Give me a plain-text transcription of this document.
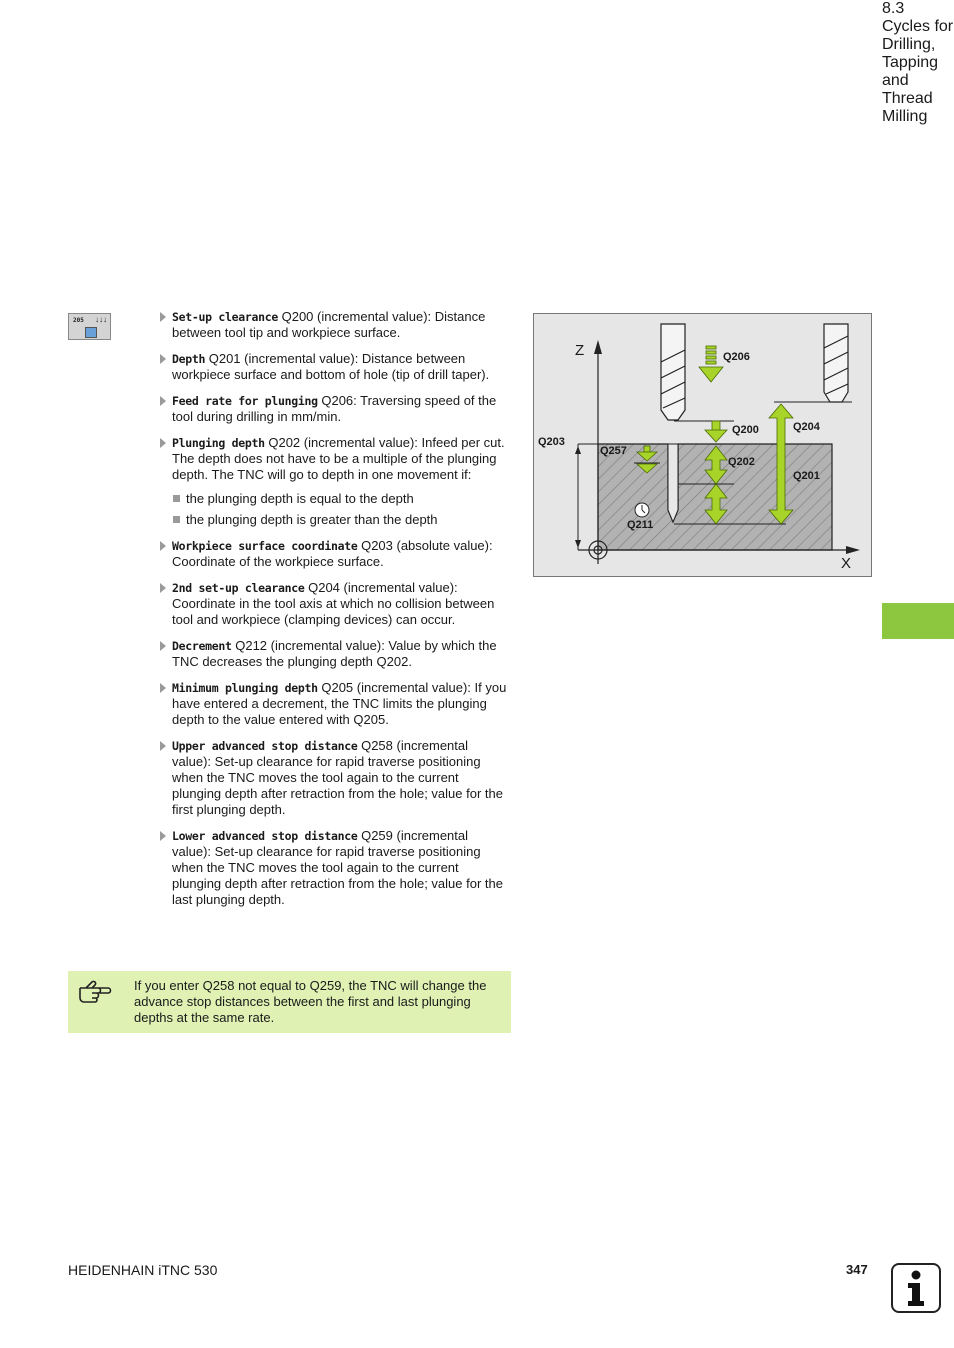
205 ↓↓↓	Set-up clearance Q200 (incremental value): Distance between tool tip and workpiece surface.
Depth Q201 (incremental value): Distance between workpiece surface and bottom of hole (tip of drill taper).
Feed rate for plunging Q206: Traversing speed of the tool during drilling in mm/min.
Plunging depth Q202 (incremental value): Infeed per cut. The depth does not have to be a multiple of the plunging depth. The TNC will go to depth in one movement if:
the plunging depth is equal to the depth
the plunging depth is greater than the depth
Workpiece surface coordinate Q203 (absolute value): Coordinate of the workpiece surface.
2nd set-up clearance Q204 (incremental value): Coordinate in the tool axis at which no collision between tool and workpiece (clamping devices) can occur.
Decrement Q212 (incremental value): Value by which the TNC decreases the plunging depth Q202.
Minimum plunging depth Q205 (incremental value): If you have entered a decrement, the TNC limits the plunging depth to the value entered with Q205.
Upper advanced stop distance Q258 (incremental value): Set-up clearance for rapid traverse positioning when the TNC moves the tool again to the current plunging depth after retraction from the hole; value for the first plunging depth.
Lower advanced stop distance Q259 (incremental value): Set-up clearance for rapid traverse positioning when the TNC moves the tool again to the current plunging depth after retraction from the hole; value for the last plunging depth.
If you enter Q258 not equal to Q259, the TNC will change the advance stop distances between the first and last plunging depths at the same rate.
Z
X
Q206
Q200	Q204
Q203
Q257
Q202
Q201
Q211
8.3 Cycles for Drilling, Tapping and Thread Milling
HEIDENHAIN iTNC 530	347
